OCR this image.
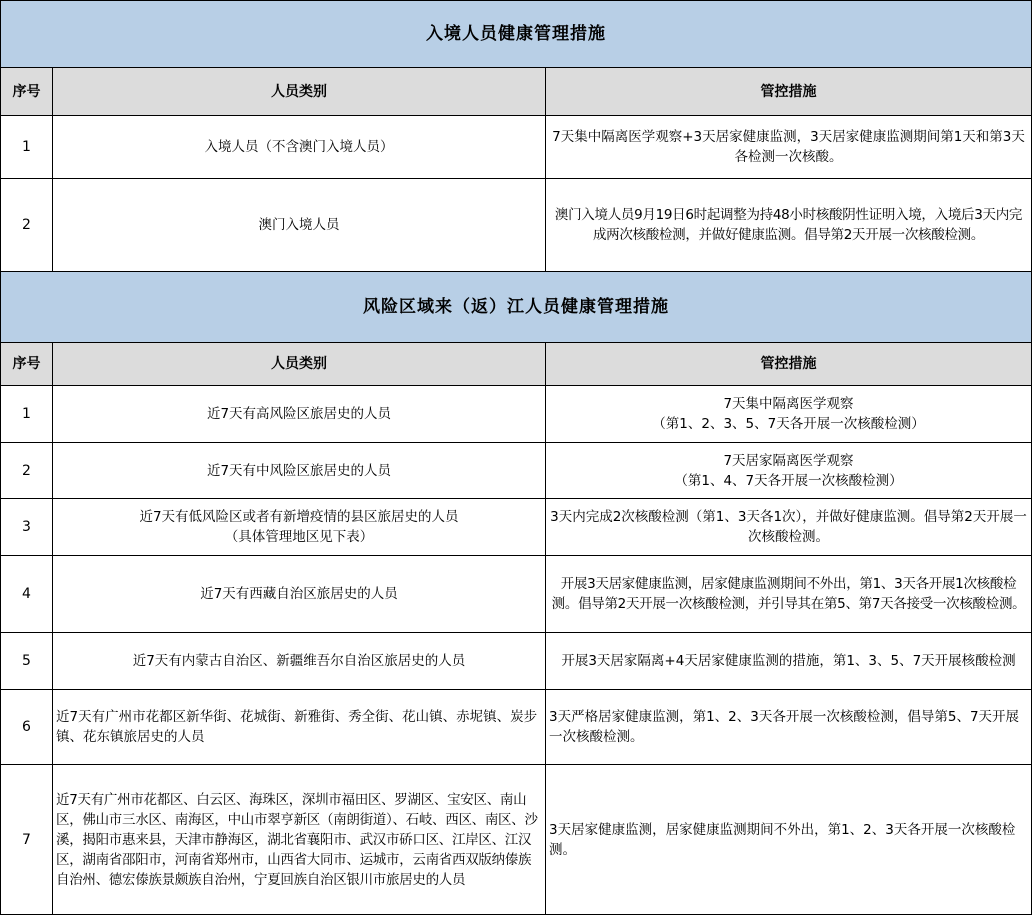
入境人员健康管理措施		
序号	人员类别	管控措施
1	入境人员（不含澳门入境人员）	7天集中隔离医学观察+3天居家健康监测，3天居家健康监测期间第1天和第3天各检测一次核酸。
2	澳门入境人员	澳门入境人员9月19日6时起调整为持48小时核酸阴性证明入境，入境后3天内完成两次核酸检测，并做好健康监测。倡导第2天开展一次核酸检测。
风险区域来（返）江人员健康管理措施		
序号	人员类别	管控措施
1	近7天有高风险区旅居史的人员	7天集中隔离医学观察
（第1、2、3、5、7天各开展一次核酸检测）

2	近7天有中风险区旅居史的人员	7天居家隔离医学观察
（第1、4、7天各开展一次核酸检测）

3	近7天有低风险区或者有新增疫情的县区旅居史的人员
（具体管理地区见下表）	3天内完成2次核酸检测（第1、3天各1次），并做好健康监测。倡导第2天开展一次核酸检测。
4	近7天有西藏自治区旅居史的人员	开展3天居家健康监测，居家健康监测期间不外出，第1、3天各开展1次核酸检测。倡导第2天开展一次核酸检测，并引导其在第5、第7天各接受一次核酸检测。
5	近7天有内蒙古自治区、新疆维吾尔自治区旅居史的人员	开展3天居家隔离+4天居家健康监测的措施，第1、3、5、7天开展核酸检测
6	近7天有广州市花都区新华街、花城街、新雅街、秀全街、花山镇、赤坭镇、炭步镇、花东镇旅居史的人员	3天严格居家健康监测，第1、2、3天各开展一次核酸检测，倡导第5、7天开展一次核酸检测。
7	近7天有广州市花都区、白云区、海珠区，深圳市福田区、罗湖区、宝安区、南山区，佛山市三水区、南海区，中山市翠亨新区（南朗街道）、石岐、西区、南区、沙溪，揭阳市惠来县，天津市静海区，湖北省襄阳市、武汉市硚口区、江岸区、江汉区，湖南省邵阳市，河南省郑州市，山西省大同市、运城市，云南省西双版纳傣族自治州、德宏傣族景颇族自治州，宁夏回族自治区银川市旅居史的人员	3天居家健康监测，居家健康监测期间不外出，第1、2、3天各开展一次核酸检测。
